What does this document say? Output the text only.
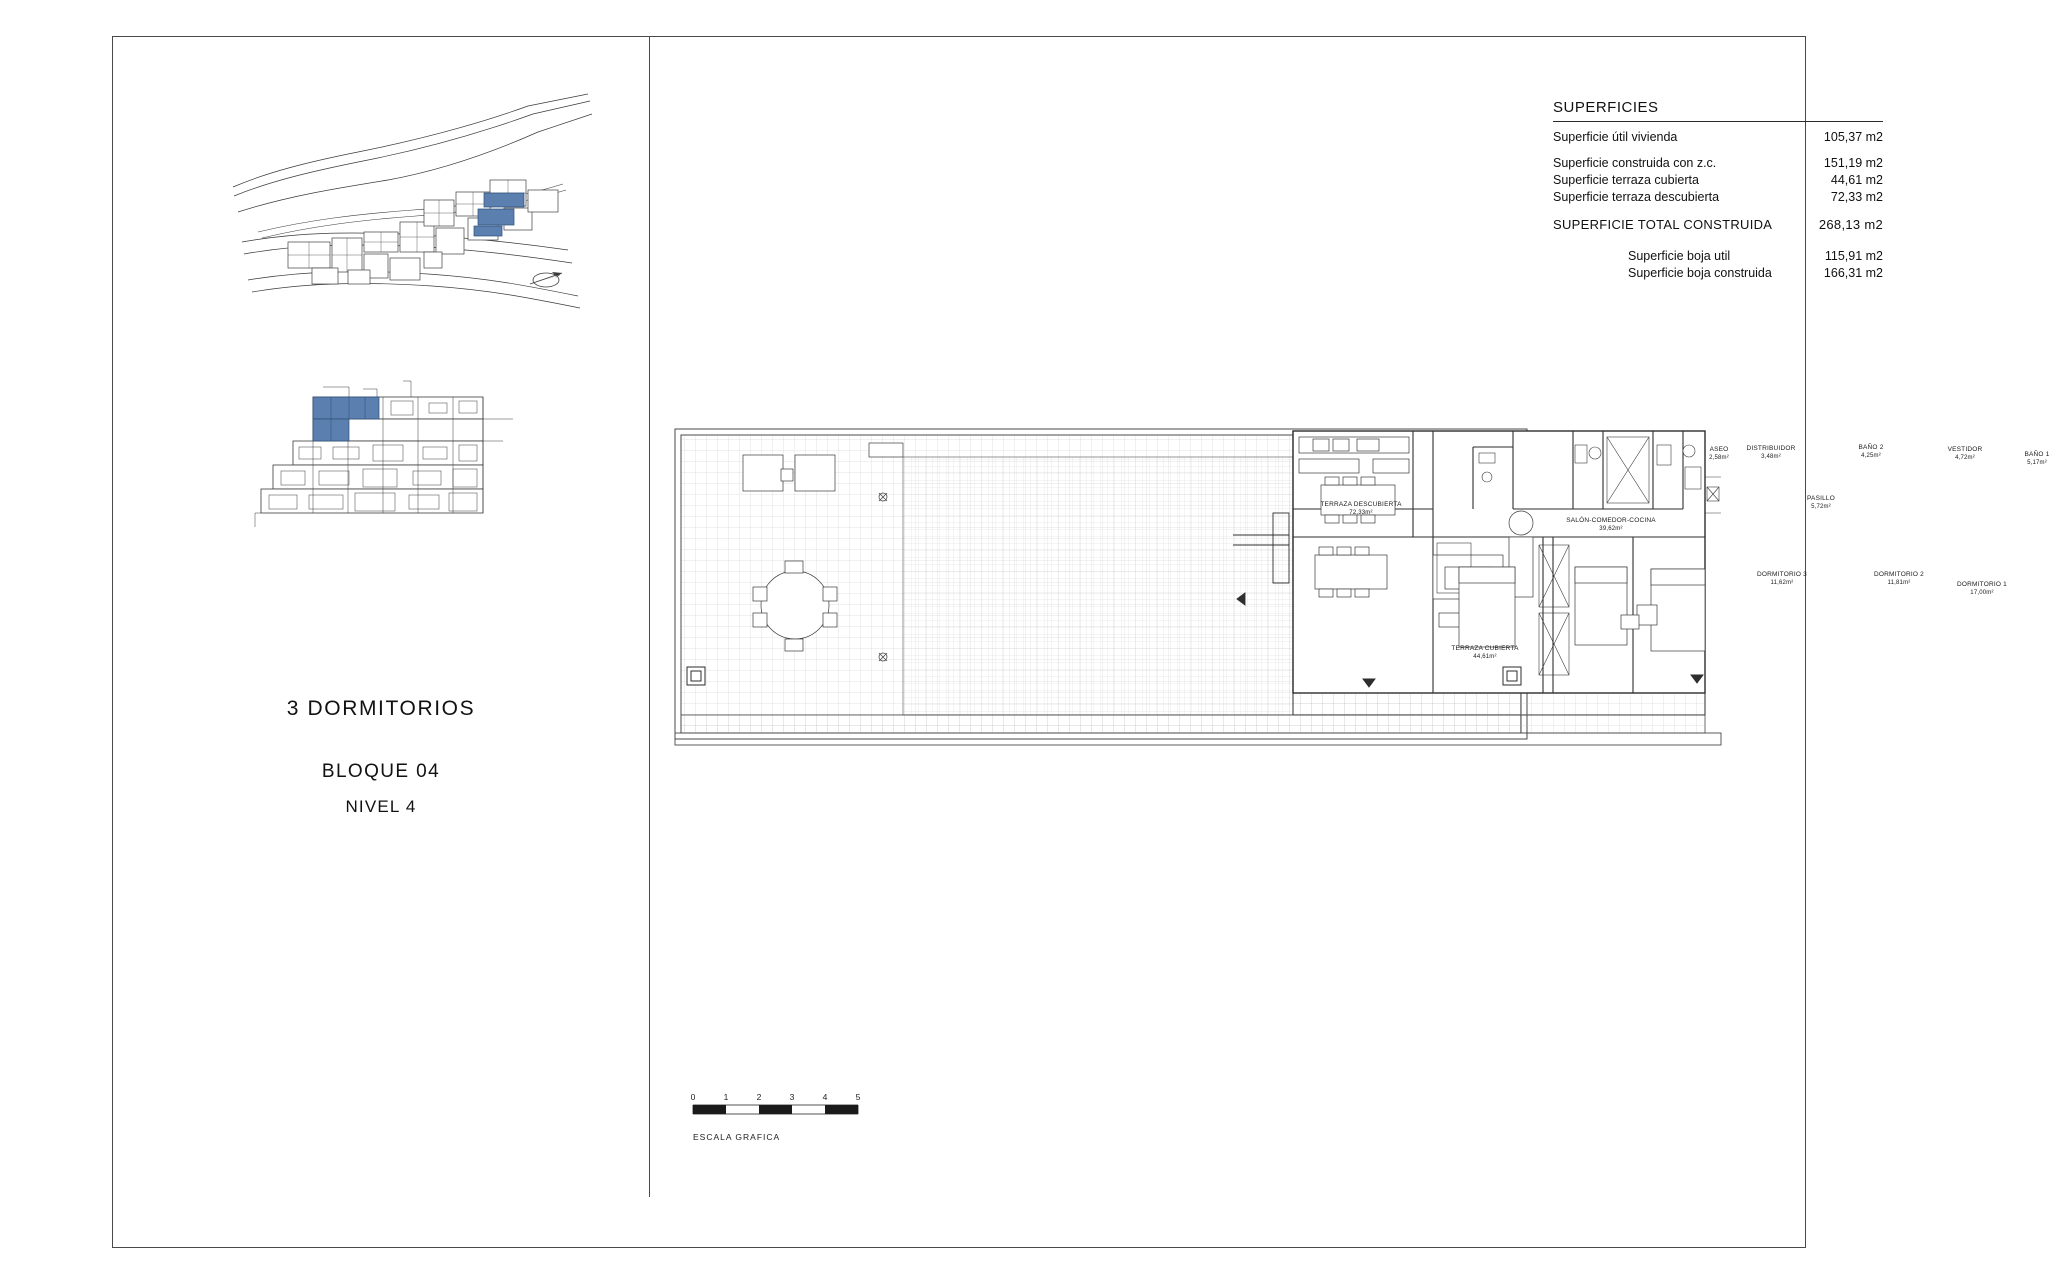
SUPERFICIES
Superficie útil vivienda	105,37 m2
Superficie construida con z.c.	151,19 m2
Superficie terraza cubierta	44,61 m2
Superficie terraza descubierta	72,33 m2
SUPERFICIE TOTAL CONSTRUIDA	268,13 m2
Superficie boja util	115,91 m2
Superficie boja construida	166,31 m2
3 DORMITORIOS
BLOQUE 04
NIVEL 4
0	1	2	3	4	5
ESCALA GRAFICA
TERRAZA DESCUBIERTA
72,33m²
TERRAZA CUBIERTA
44,61m²
SALÓN-COMEDOR-COCINA
39,62m²
ASEO
2,58m²
DISTRIBUIDOR
3,48m²
BAÑO 2
4,25m²
VESTIDOR
4,72m²	BAÑO 1
5,17m²
PASILLO
5,72m²
DORMITORIO 3
11,62m²
DORMITORIO 2
11,81m²	DORMITORIO 1
17,00m²
